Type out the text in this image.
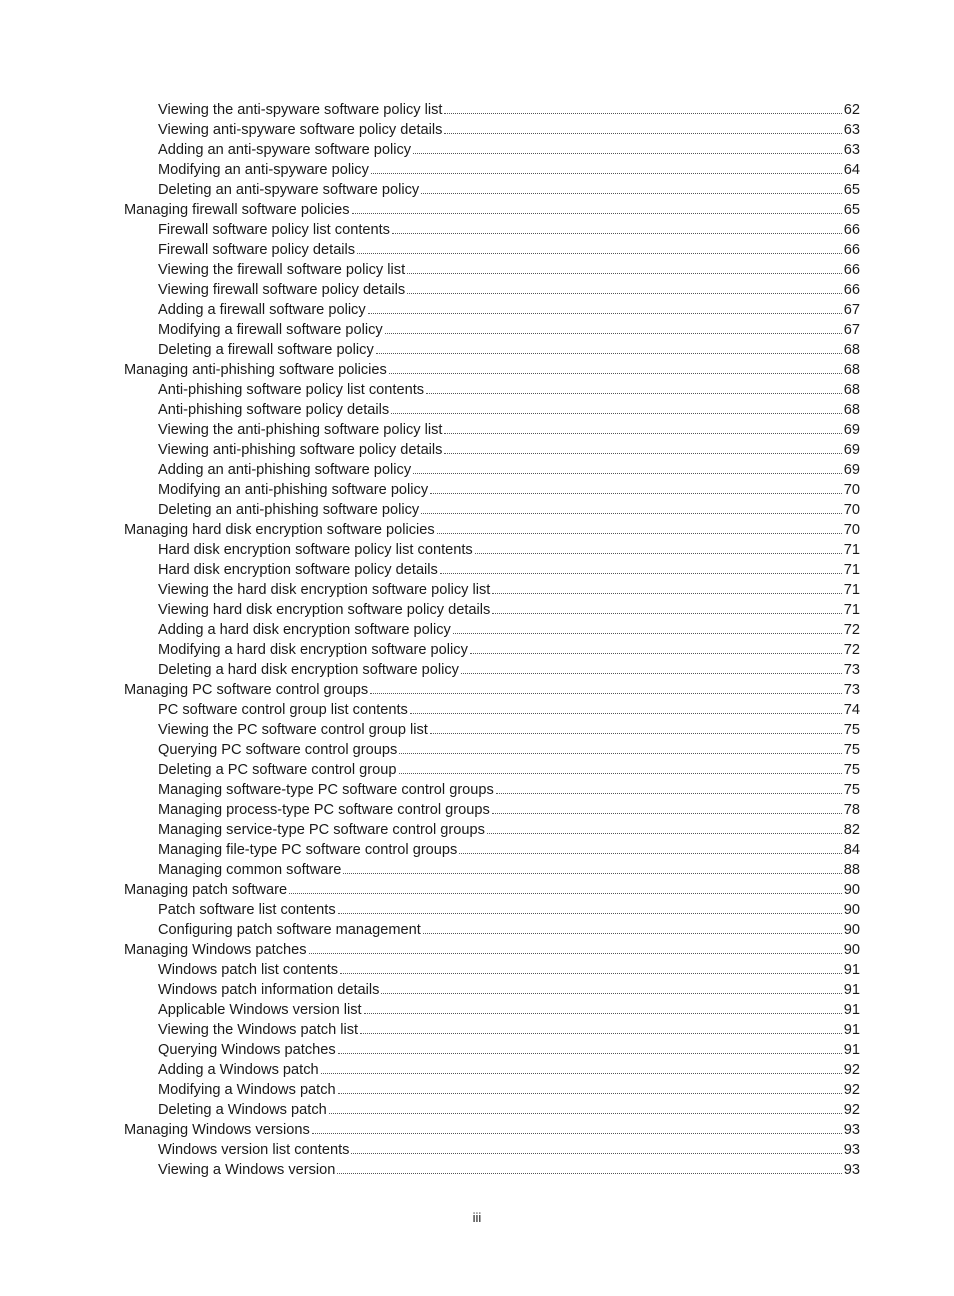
Viewing the anti-spyware software policy list	62
Viewing anti-spyware software policy details	63
Adding an anti-spyware software policy	63
Modifying an anti-spyware policy	64
Deleting an anti-spyware software policy	65
Managing firewall software policies	65
Firewall software policy list contents	66
Firewall software policy details	66
Viewing the firewall software policy list	66
Viewing firewall software policy details	66
Adding a firewall software policy	67
Modifying a firewall software policy	67
Deleting a firewall software policy	68
Managing anti-phishing software policies	68
Anti-phishing software policy list contents	68
Anti-phishing software policy details	68
Viewing the anti-phishing software policy list	69
Viewing anti-phishing software policy details	69
Adding an anti-phishing software policy	69
Modifying an anti-phishing software policy	70
Deleting an anti-phishing software policy	70
Managing hard disk encryption software policies	70
Hard disk encryption software policy list contents	71
Hard disk encryption software policy details	71
Viewing the hard disk encryption software policy list	71
Viewing hard disk encryption software policy details	71
Adding a hard disk encryption software policy	72
Modifying a hard disk encryption software policy	72
Deleting a hard disk encryption software policy	73
Managing PC software control groups	73
PC software control group list contents	74
Viewing the PC software control group list	75
Querying PC software control groups	75
Deleting a PC software control group	75
Managing software-type PC software control groups	75
Managing process-type PC software control groups	78
Managing service-type PC software control groups	82
Managing file-type PC software control groups	84
Managing common software	88
Managing patch software	90
Patch software list contents	90
Configuring patch software management	90
Managing Windows patches	90
Windows patch list contents	91
Windows patch information details	91
Applicable Windows version list	91
Viewing the Windows patch list	91
Querying Windows patches	91
Adding a Windows patch	92
Modifying a Windows patch	92
Deleting a Windows patch	92
Managing Windows versions	93
Windows version list contents	93
Viewing a Windows version	93
iii
